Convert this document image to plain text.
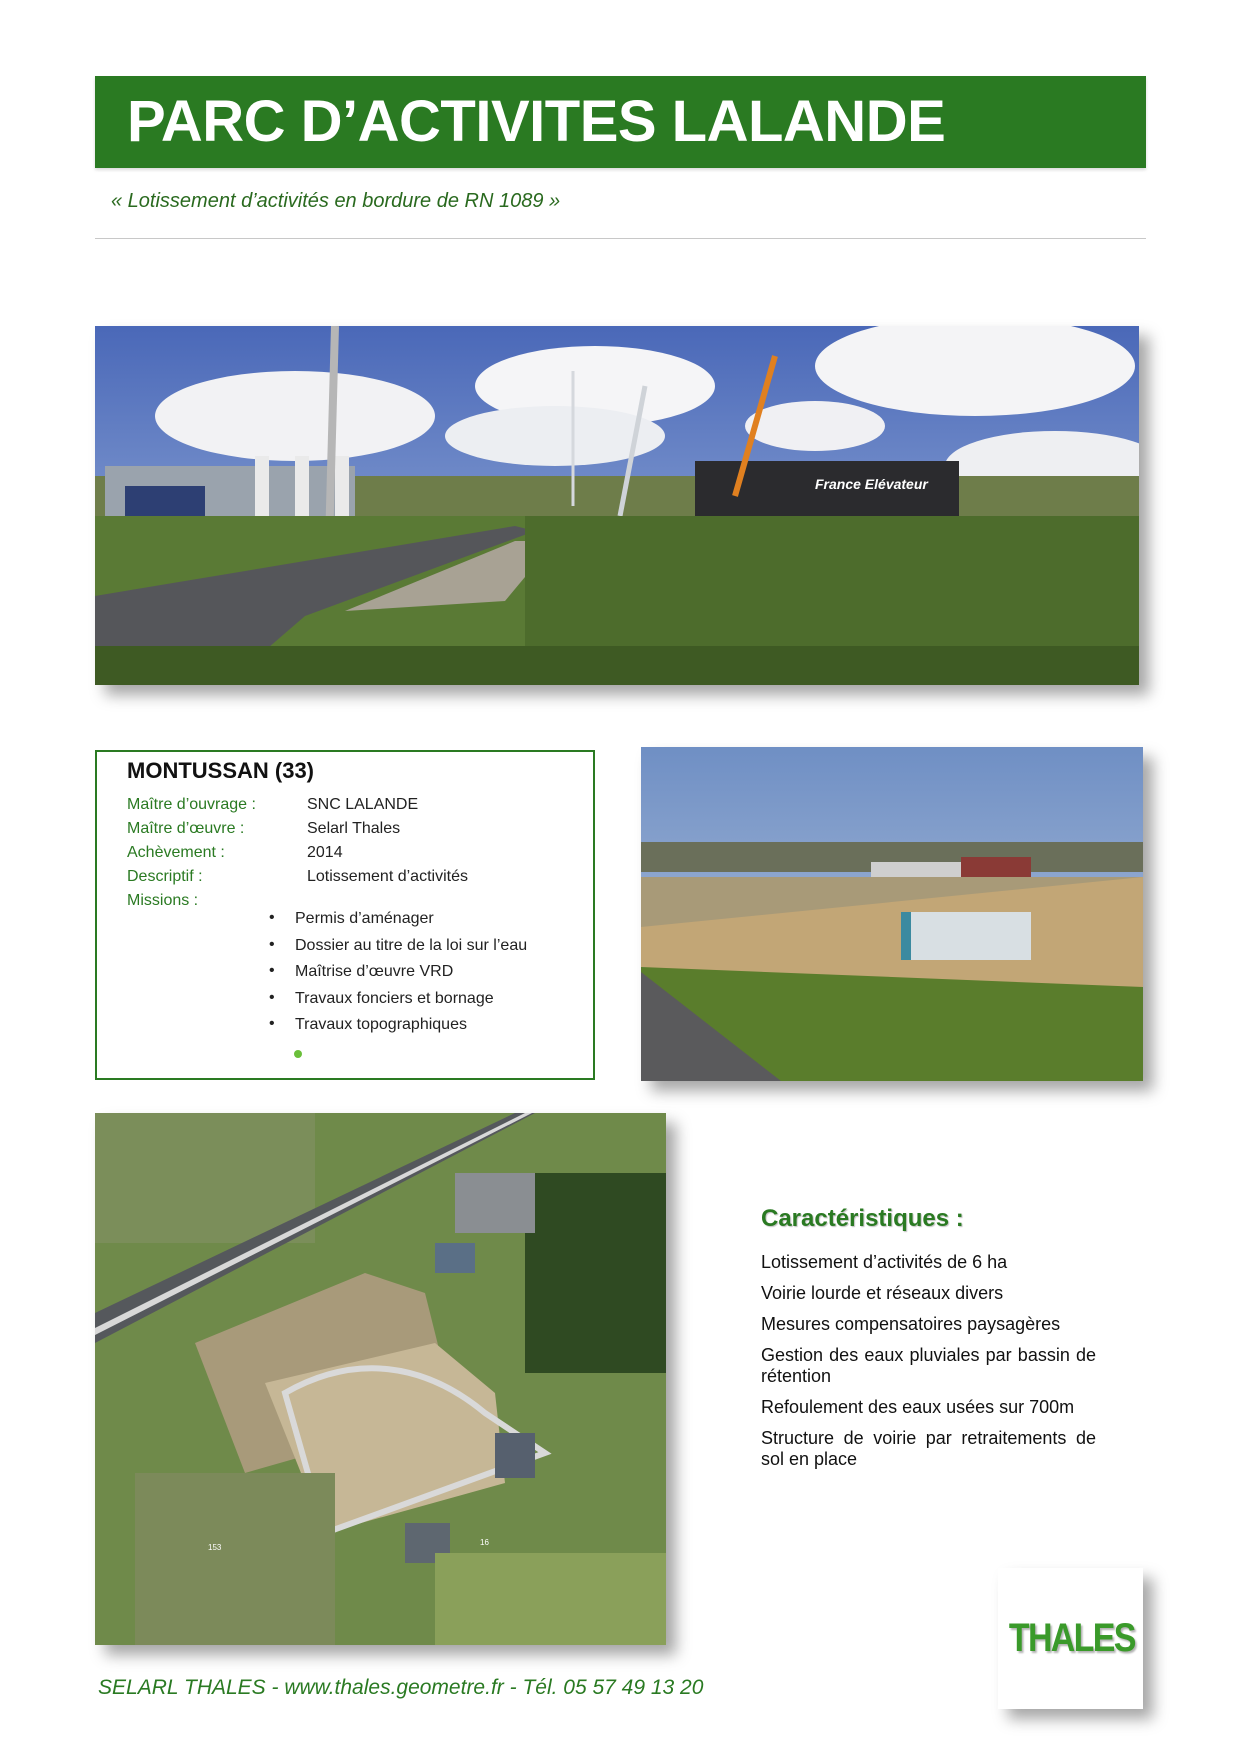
PARC D’ACTIVITES LALANDE
« Lotissement d’activités en bordure de RN 1089 »
France Elévateur
MONTUSSAN (33)
Maître d’ouvrage :	SNC LALANDE
Maître d’œuvre :	Selarl Thales
Achèvement :	2014
Descriptif :	Lotissement d’activités
Missions :
• Permis d’aménager
• Dossier au titre de la loi sur l’eau
• Maîtrise d’œuvre VRD
• Travaux fonciers et bornage
• Travaux topographiques
153
16
Caractéristiques :
Lotissement d’activités de 6 ha
Voirie lourde et réseaux divers
Mesures compensatoires paysagères
Gestion des eaux pluviales par bassin de rétention
Refoulement des eaux usées sur 700m
Structure de voirie par retraitements de sol en place
THALES
SELARL THALES - www.thales.geometre.fr - Tél. 05 57 49 13 20
